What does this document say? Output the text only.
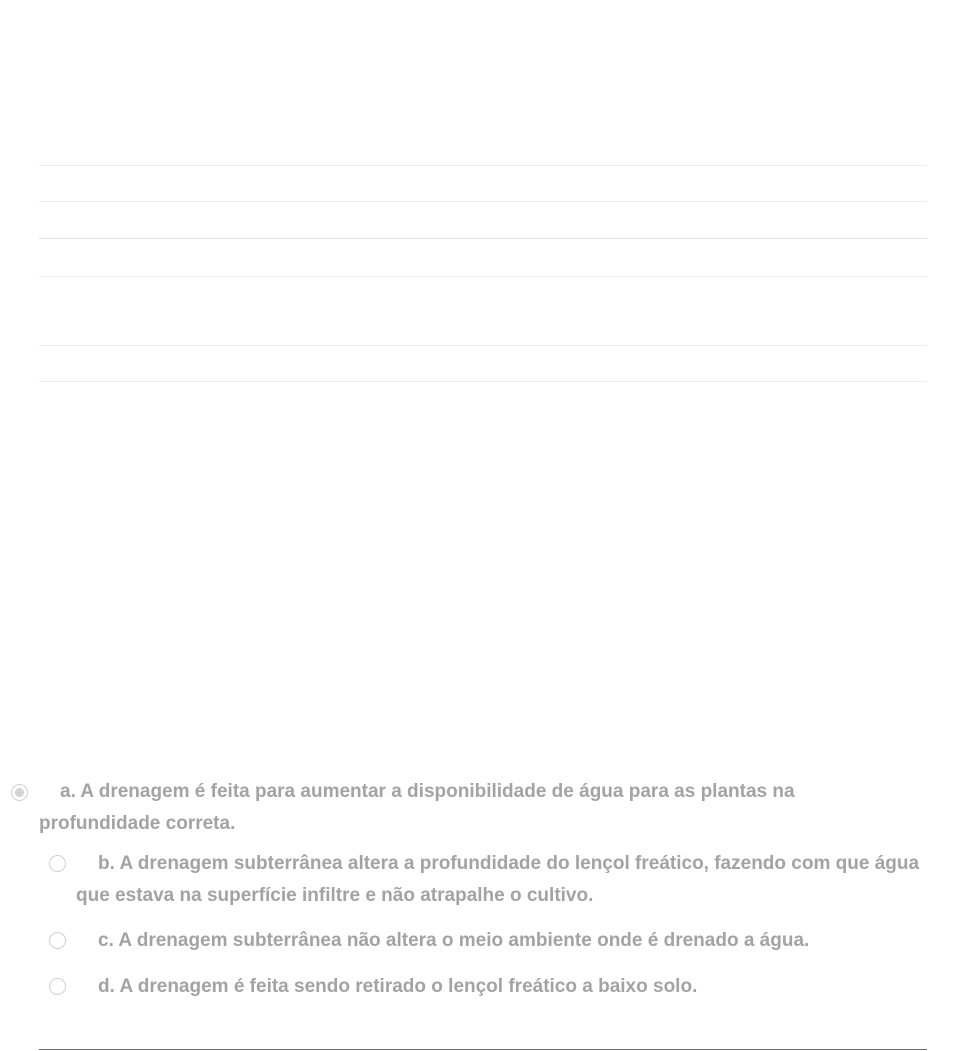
a. A drenagem é feita para aumentar a disponibilidade de água para as plantas na profundidade correta.
b. A drenagem subterrânea altera a profundidade do lençol freático, fazendo com que água que estava na superfície infiltre e não atrapalhe o cultivo.
c. A drenagem subterrânea não altera o meio ambiente onde é drenado a água.
d. A drenagem é feita sendo retirado o lençol freático a baixo solo.
